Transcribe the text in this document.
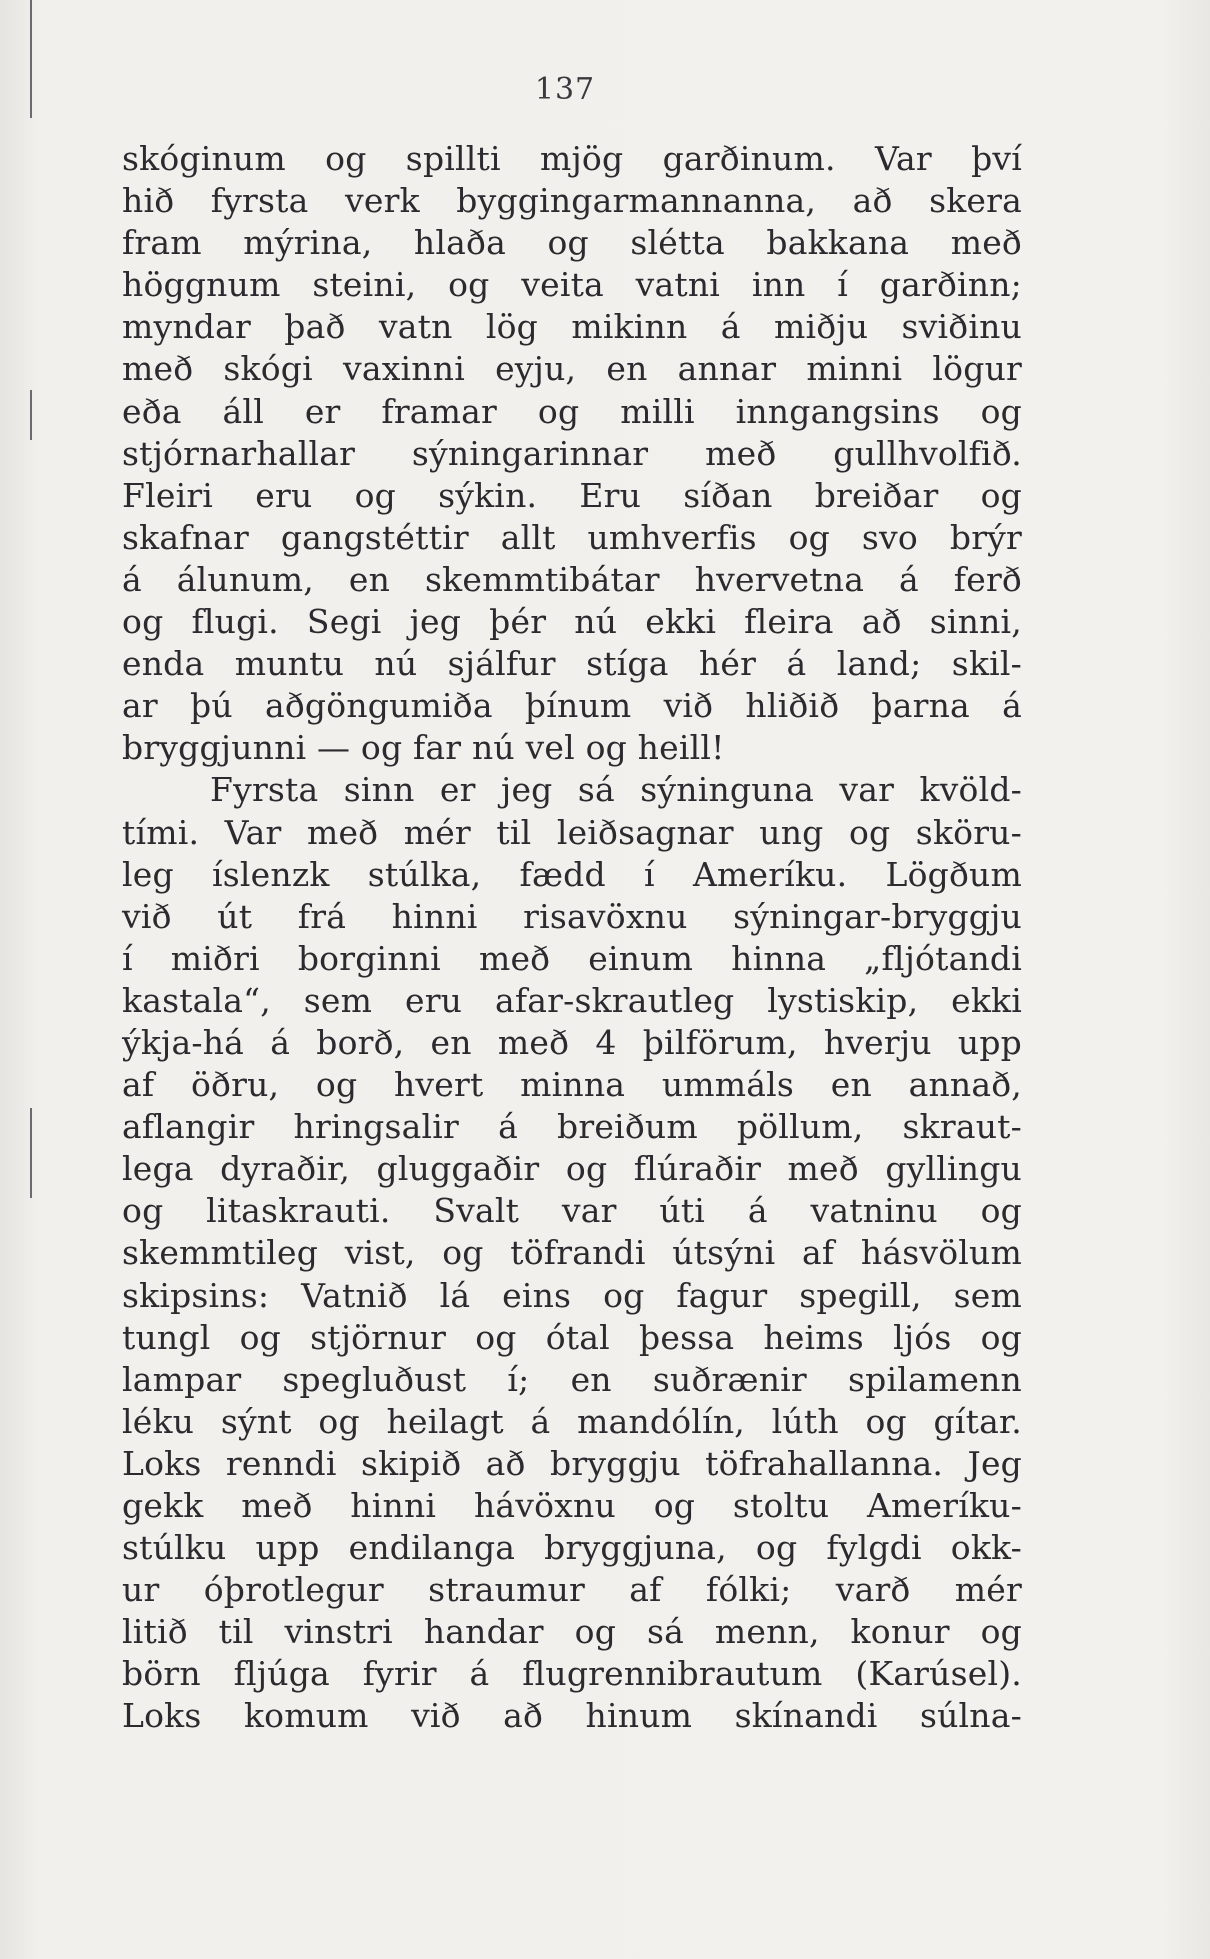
137
skóginum og spillti mjög garðinum. Var því
hið fyrsta verk byggingarmannanna, að skera
fram mýrina, hlaða og slétta bakkana með
höggnum steini, og veita vatni inn í garðinn;
myndar það vatn lög mikinn á miðju sviðinu
með skógi vaxinni eyju, en annar minni lögur
eða áll er framar og milli inngangsins og
stjórnarhallar sýningarinnar með gullhvolfið.
Fleiri eru og sýkin. Eru síðan breiðar og
skafnar gangstéttir allt umhverfis og svo brýr
á álunum, en skemmtibátar hvervetna á ferð
og flugi. Segi jeg þér nú ekki fleira að sinni,
enda muntu nú sjálfur stíga hér á land; skil-
ar þú aðgöngumiða þínum við hliðið þarna á
bryggjunni — og far nú vel og heill!
Fyrsta sinn er jeg sá sýninguna var kvöld-
tími. Var með mér til leiðsagnar ung og sköru-
leg íslenzk stúlka, fædd í Ameríku. Lögðum
við út frá hinni risavöxnu sýningar-bryggju
í miðri borginni með einum hinna „fljótandi
kastala“, sem eru afar-skrautleg lystiskip, ekki
ýkja-há á borð, en með 4 þilförum, hverju upp
af öðru, og hvert minna ummáls en annað,
aflangir hringsalir á breiðum pöllum, skraut-
lega dyraðir, gluggaðir og flúraðir með gyllingu
og litaskrauti. Svalt var úti á vatninu og
skemmtileg vist, og töfrandi útsýni af hásvölum
skipsins: Vatnið lá eins og fagur spegill, sem
tungl og stjörnur og ótal þessa heims ljós og
lampar spegluðust í; en suðrænir spilamenn
léku sýnt og heilagt á mandólín, lúth og gítar.
Loks renndi skipið að bryggju töfrahallanna. Jeg
gekk með hinni hávöxnu og stoltu Ameríku-
stúlku upp endilanga bryggjuna, og fylgdi okk-
ur óþrotlegur straumur af fólki; varð mér
litið til vinstri handar og sá menn, konur og
börn fljúga fyrir á flugrennibrautum (Karúsel).
Loks komum við að hinum skínandi súlna-
